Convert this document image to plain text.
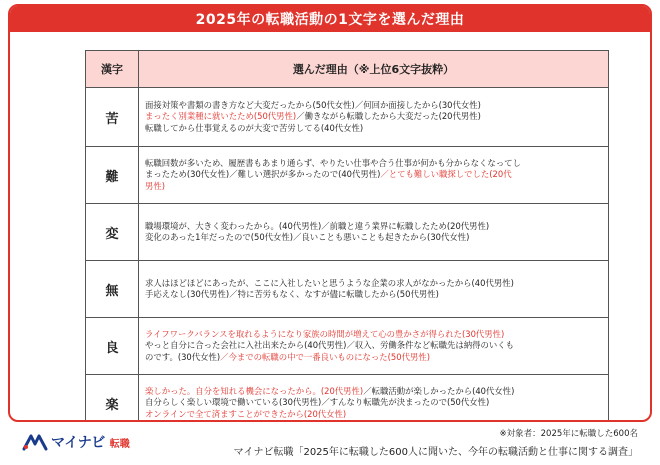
2025年の転職活動の1文字を選んだ理由
漢字	選んだ理由（※上位6文字抜粋）
苦	面接対策や書類の書き方など大変だったから(50代女性)／何回か面接したから(30代女性)
まったく別業種に就いたため(50代男性)／働きながら転職したから大変だった(20代男性)
転職してから仕事覚えるのが大変で苦労してる(40代女性)

難	転職回数が多いため、履歴書もあまり通らず、やりたい仕事や合う仕事が何かも分からなくなってし
まったため(30代女性)／難しい選択が多かったので(40代男性)／とても難しい職探しでした(20代
男性)

変	職場環境が、大きく変わったから。(40代男性)／前職と違う業界に転職したため(20代男性)
変化のあった1年だったので(50代女性)／良いことも悪いことも起きたから(30代女性)

無	求人はほどほどにあったが、ここに入社したいと思うような企業の求人がなかったから(40代男性)
手応えなし(30代男性)／特に苦労もなく、なすが儘に転職したから(50代男性)

良	ライフワークバランスを取れるようになり家族の時間が増えて心の豊かさが得られた(30代男性)
やっと自分に合った会社に入社出来たから(40代男性)／収入、労働条件など転職先は納得のいくも
のです。(30代女性)／今までの転職の中で一番良いものになった(50代男性)

楽	楽しかった。自分を知れる機会になったから。(20代男性)／転職活動が楽しかったから(40代女性)
自分らしく楽しい環境で働いている(30代男性)／すんなり転職先が決まったので(50代女性)
オンラインで全て済ますことができたから(20代女性)
※対象者：2025年に転職した600名
マイナビ 転職
マイナビ転職「2025年に転職した600人に聞いた、今年の転職活動と仕事に関する調査」
